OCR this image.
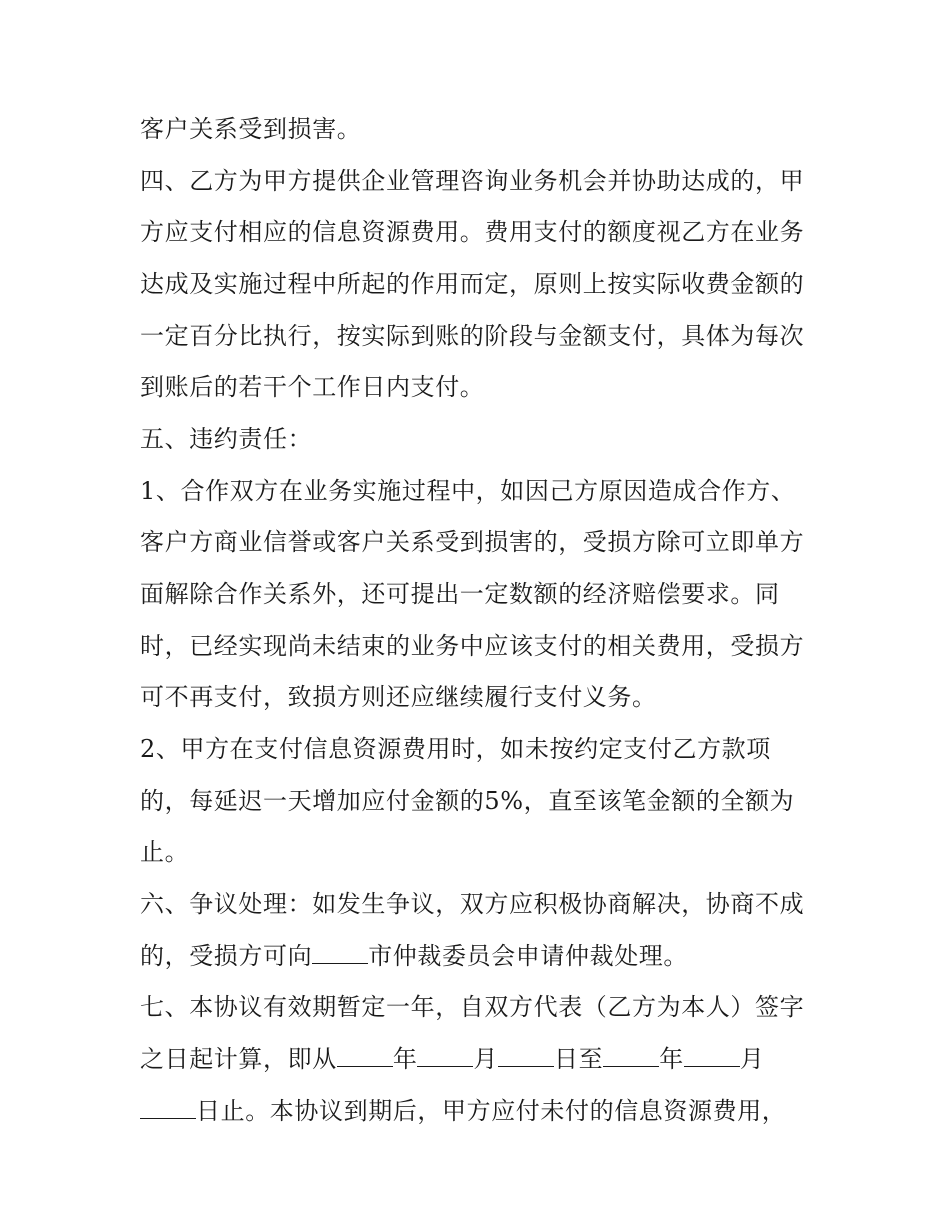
客户关系受到损害。
四、乙方为甲方提供企业管理咨询业务机会并协助达成的，甲
方应支付相应的信息资源费用。费用支付的额度视乙方在业务
达成及实施过程中所起的作用而定，原则上按实际收费金额的
一定百分比执行，按实际到账的阶段与金额支付，具体为每次
到账后的若干个工作日内支付。
五、违约责任：
1、合作双方在业务实施过程中，如因己方原因造成合作方、
客户方商业信誉或客户关系受到损害的，受损方除可立即单方
面解除合作关系外，还可提出一定数额的经济赔偿要求。同
时，已经实现尚未结束的业务中应该支付的相关费用，受损方
可不再支付，致损方则还应继续履行支付义务。
2、甲方在支付信息资源费用时，如未按约定支付乙方款项
的，每延迟一天增加应付金额的5%，直至该笔金额的全额为
止。
六、争议处理：如发生争议，双方应积极协商解决，协商不成
的，受损方可向 市仲裁委员会申请仲裁处理。
七、本协议有效期暂定一年，自双方代表（乙方为本人）签字
之日起计算，即从 年 月 日至 年 月
日止。本协议到期后，甲方应付未付的信息资源费用，
